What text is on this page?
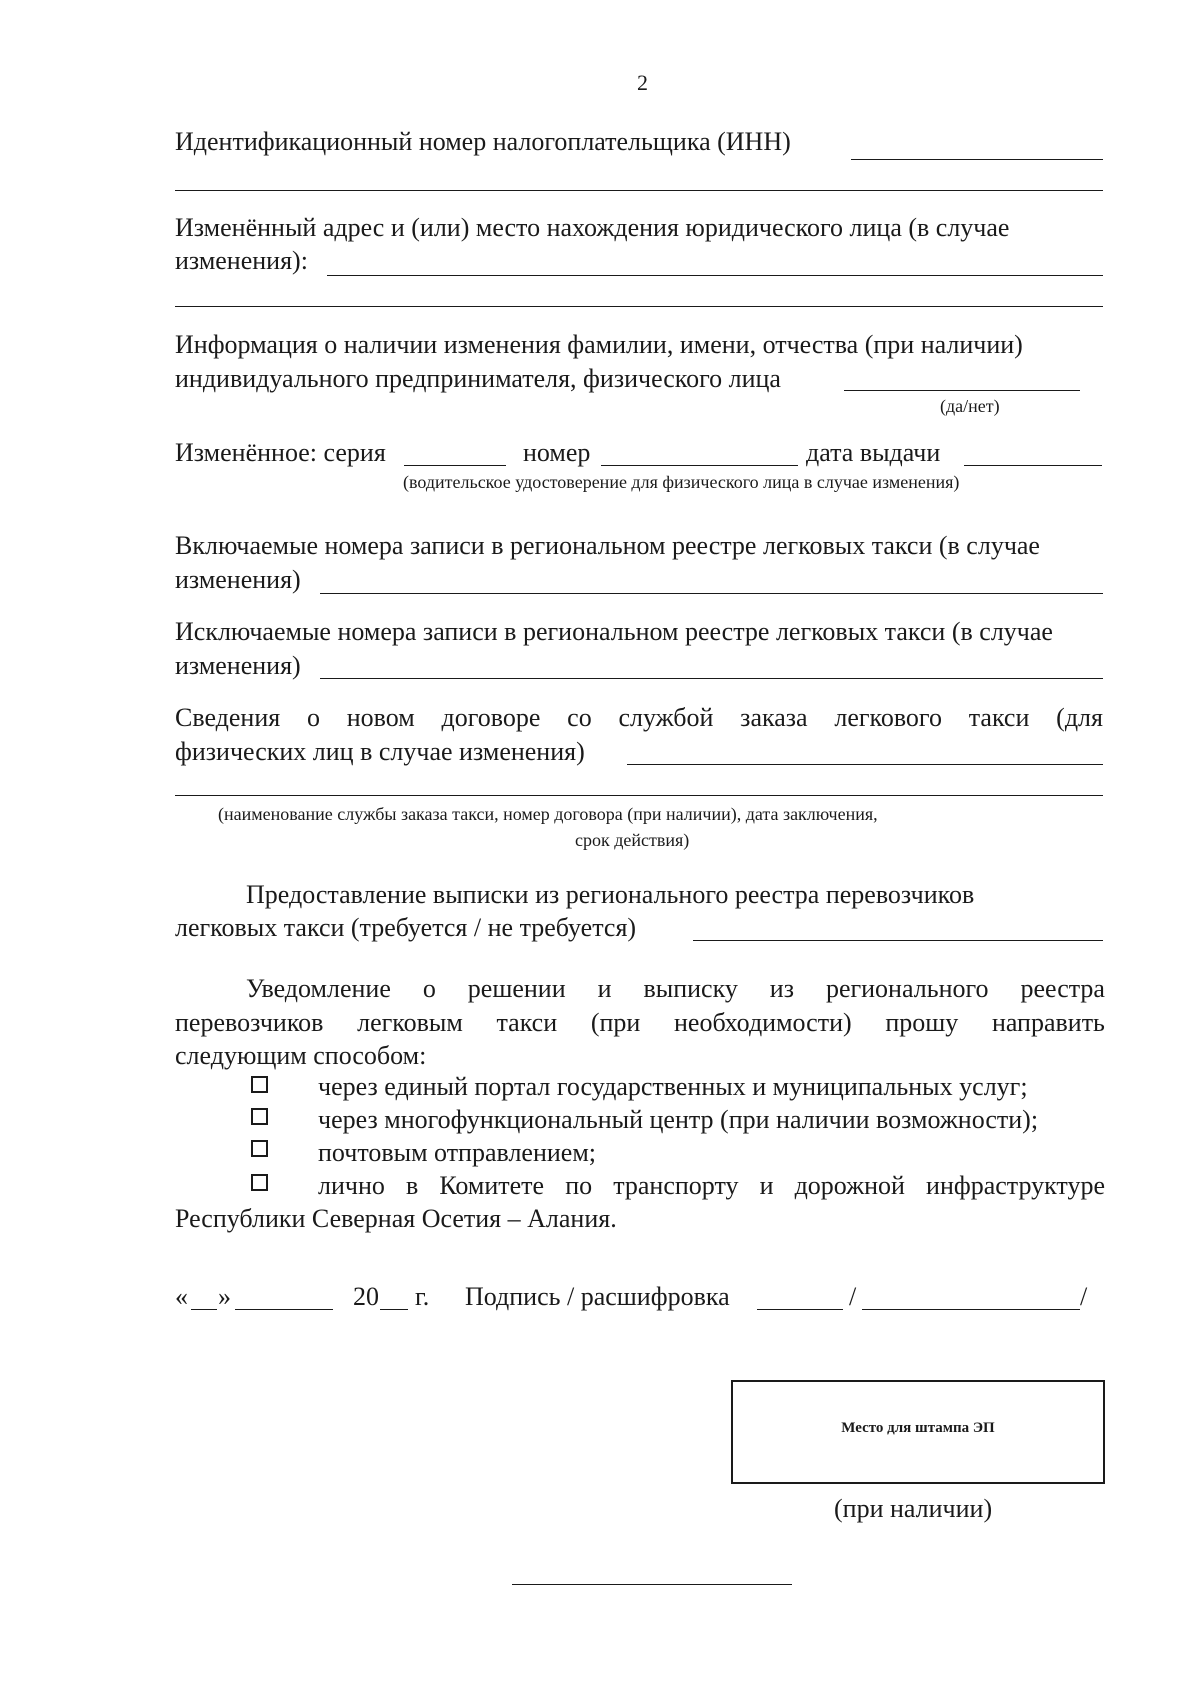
2
Идентификационный номер налогоплательщика (ИНН)
Изменённый адрес и (или) место нахождения юридического лица (в случае
изменения):
Информация о наличии изменения фамилии, имени, отчества (при наличии)
индивидуального предпринимателя, физического лица
(да/нет)
Изменённое: серия	номер	дата выдачи
(водительское удостоверение для физического лица в случае изменения)
Включаемые номера записи в региональном реестре легковых такси (в случае
изменения)
Исключаемые номера записи в региональном реестре легковых такси (в случае
изменения)
Сведения о новом договоре со службой заказа легкового такси (для
физических лиц в случае изменения)
(наименование службы заказа такси, номер договора (при наличии), дата заключения,
срок действия)
Предоставление выписки из регионального реестра перевозчиков
легковых такси (требуется / не требуется)
Уведомление о решении и выписку из регионального реестра
перевозчиков легковым такси (при необходимости) прошу направить
следующим способом:
через единый портал государственных и муниципальных услуг;
через многофункциональный центр (при наличии возможности);
почтовым отправлением;
лично в Комитете по транспорту и дорожной инфраструктуре
Республики Северная Осетия – Алания.
« »	20 г. Подпись / расшифровка	/	/
Место для штампа ЭП
(при наличии)
